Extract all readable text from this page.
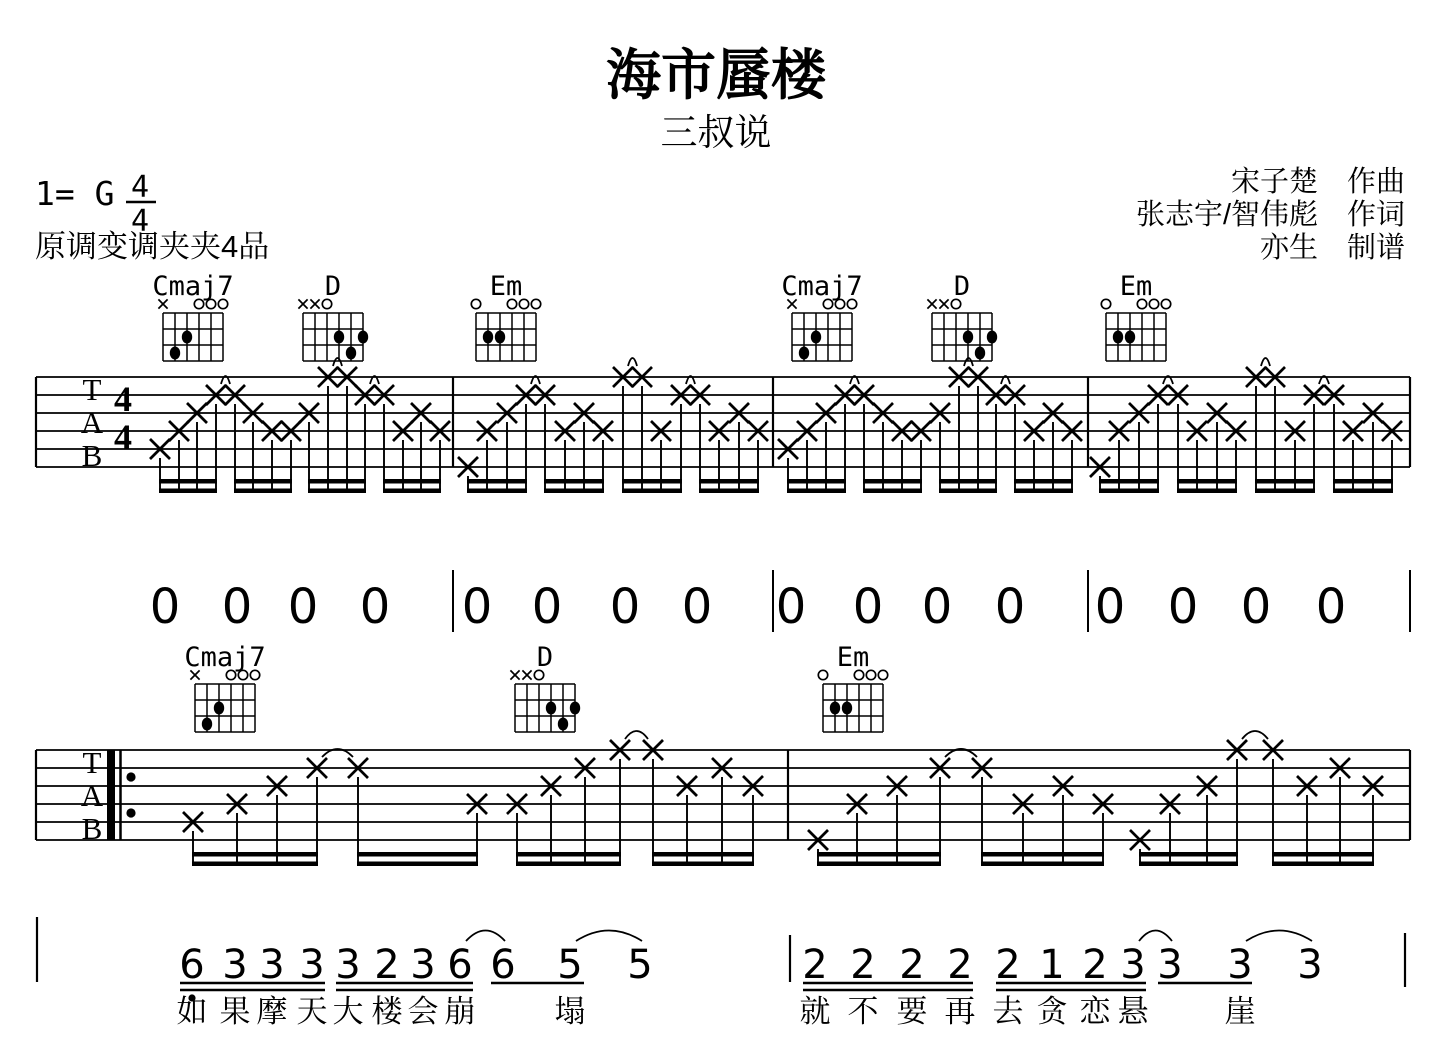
海市蜃楼
三叔说
1= G 4
4
原调变调夹夹4品
宋子楚 作曲
张志宇/智伟彪 作词
亦生 制谱
Cmaj7	D	Em	Cmaj7	D	Em
Cmaj7	D	Em
T
A
B
4
4
T
A
B
0 0 0 0 0 0 0 0 0 0 0 0 0 0 0 0
6 3 3 3 3 2 3 6 6 5 5
如 果 摩 天 大 楼 会 崩	塌
2 2 2 2 2 1 2 3 3 3 3
就 不 要 再 去 贪 恋 悬 崖
